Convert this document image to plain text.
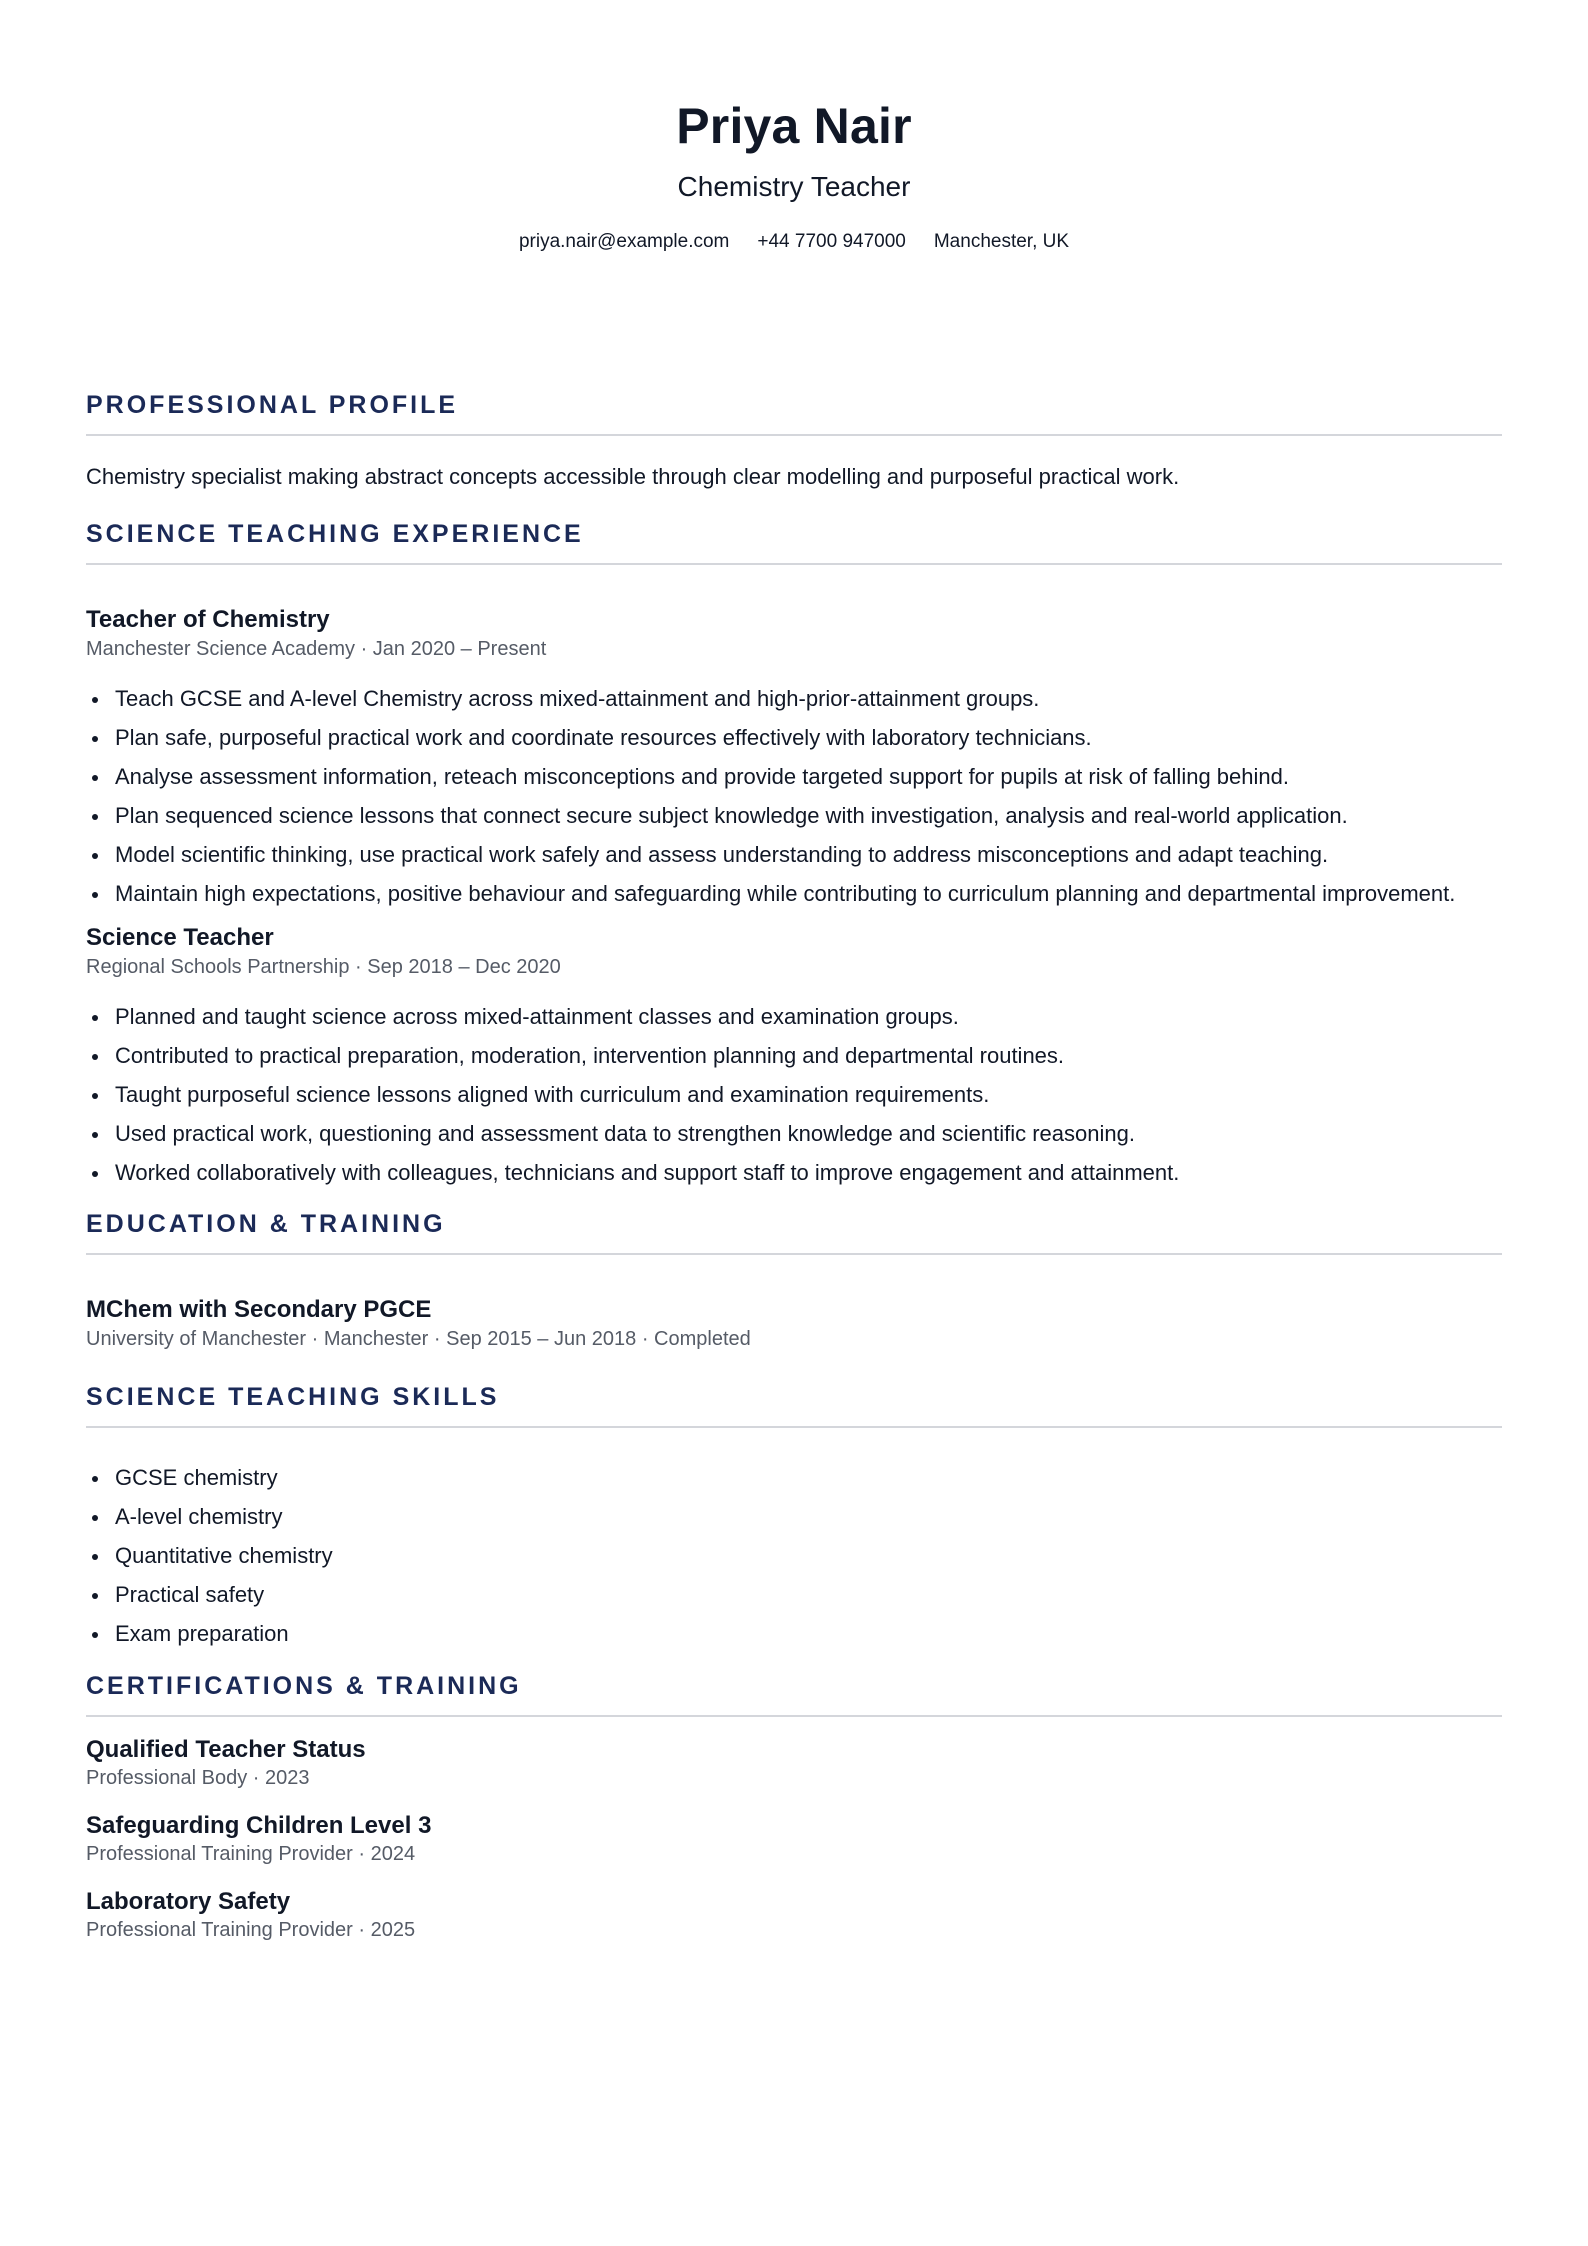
Priya Nair
Chemistry Teacher
priya.nair@example.com +44 7700 947000 Manchester, UK
PROFESSIONAL PROFILE

Chemistry specialist making abstract concepts accessible through clear modelling and purposeful practical work.

SCIENCE TEACHING EXPERIENCE
Teacher of Chemistry
Manchester Science Academy · Jan 2020 – Present
Teach GCSE and A-level Chemistry across mixed-attainment and high-prior-attainment groups.
Plan safe, purposeful practical work and coordinate resources effectively with laboratory technicians.
Analyse assessment information, reteach misconceptions and provide targeted support for pupils at risk of falling behind.
Plan sequenced science lessons that connect secure subject knowledge with investigation, analysis and real-world application.
Model scientific thinking, use practical work safely and assess understanding to address misconceptions and adapt teaching.
Maintain high expectations, positive behaviour and safeguarding while contributing to curriculum planning and departmental improvement.
Science Teacher
Regional Schools Partnership · Sep 2018 – Dec 2020
Planned and taught science across mixed-attainment classes and examination groups.
Contributed to practical preparation, moderation, intervention planning and departmental routines.
Taught purposeful science lessons aligned with curriculum and examination requirements.
Used practical work, questioning and assessment data to strengthen knowledge and scientific reasoning.
Worked collaboratively with colleagues, technicians and support staff to improve engagement and attainment.
EDUCATION & TRAINING
MChem with Secondary PGCE
University of Manchester · Manchester · Sep 2015 – Jun 2018 · Completed
SCIENCE TEACHING SKILLS
GCSE chemistry
A-level chemistry
Quantitative chemistry
Practical safety
Exam preparation
CERTIFICATIONS & TRAINING
Qualified Teacher Status
Professional Body · 2023
Safeguarding Children Level 3
Professional Training Provider · 2024
Laboratory Safety
Professional Training Provider · 2025
